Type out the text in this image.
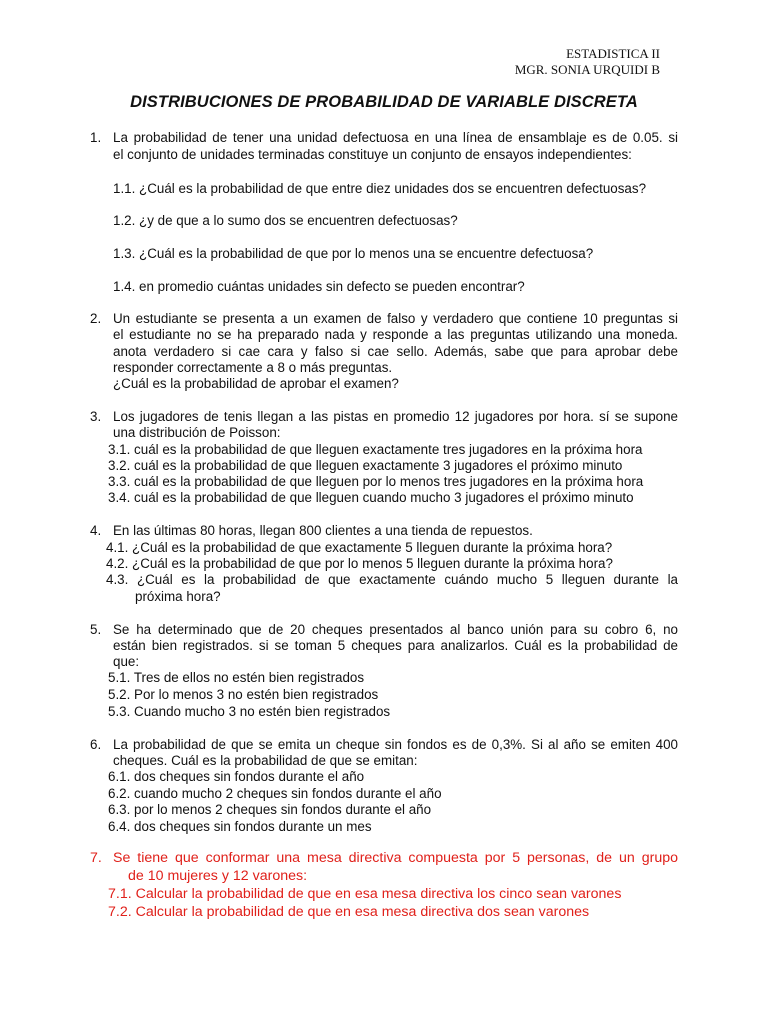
ESTADISTICA II
MGR. SONIA URQUIDI B
DISTRIBUCIONES DE PROBABILIDAD DE VARIABLE DISCRETA
1. La probabilidad de tener una unidad defectuosa en una línea de ensamblaje es de 0.05. si
el conjunto de unidades terminadas constituye un conjunto de ensayos independientes:
1.1. ¿Cuál es la probabilidad de que entre diez unidades dos se encuentren defectuosas?
1.2. ¿y de que a lo sumo dos se encuentren defectuosas?
1.3. ¿Cuál es la probabilidad de que por lo menos una se encuentre defectuosa?
1.4. en promedio cuántas unidades sin defecto se pueden encontrar?
2. Un estudiante se presenta a un examen de falso y verdadero que contiene 10 preguntas si
el estudiante no se ha preparado nada y responde a las preguntas utilizando una moneda.
anota verdadero si cae cara y falso si cae sello. Además, sabe que para aprobar debe
responder correctamente a 8 o más preguntas.
¿Cuál es la probabilidad de aprobar el examen?
3. Los jugadores de tenis llegan a las pistas en promedio 12 jugadores por hora. sí se supone
una distribución de Poisson:
3.1. cuál es la probabilidad de que lleguen exactamente tres jugadores en la próxima hora
3.2. cuál es la probabilidad de que lleguen exactamente 3 jugadores el próximo minuto
3.3. cuál es la probabilidad de que lleguen por lo menos tres jugadores en la próxima hora
3.4. cuál es la probabilidad de que lleguen cuando mucho 3 jugadores el próximo minuto
4. En las últimas 80 horas, llegan 800 clientes a una tienda de repuestos.
4.1. ¿Cuál es la probabilidad de que exactamente 5 lleguen durante la próxima hora?
4.2. ¿Cuál es la probabilidad de que por lo menos 5 lleguen durante la próxima hora?
4.3. ¿Cuál es la probabilidad de que exactamente cuándo mucho 5 lleguen durante la
próxima hora?
5. Se ha determinado que de 20 cheques presentados al banco unión para su cobro 6, no
están bien registrados. si se toman 5 cheques para analizarlos. Cuál es la probabilidad de
que:
5.1. Tres de ellos no estén bien registrados
5.2. Por lo menos 3 no estén bien registrados
5.3. Cuando mucho 3 no estén bien registrados
6. La probabilidad de que se emita un cheque sin fondos es de 0,3%. Si al año se emiten 400
cheques. Cuál es la probabilidad de que se emitan:
6.1. dos cheques sin fondos durante el año
6.2. cuando mucho 2 cheques sin fondos durante el año
6.3. por lo menos 2 cheques sin fondos durante el año
6.4. dos cheques sin fondos durante un mes
7. Se tiene que conformar una mesa directiva compuesta por 5 personas, de un grupo
de 10 mujeres y 12 varones:
7.1. Calcular la probabilidad de que en esa mesa directiva los cinco sean varones
7.2. Calcular la probabilidad de que en esa mesa directiva dos sean varones
